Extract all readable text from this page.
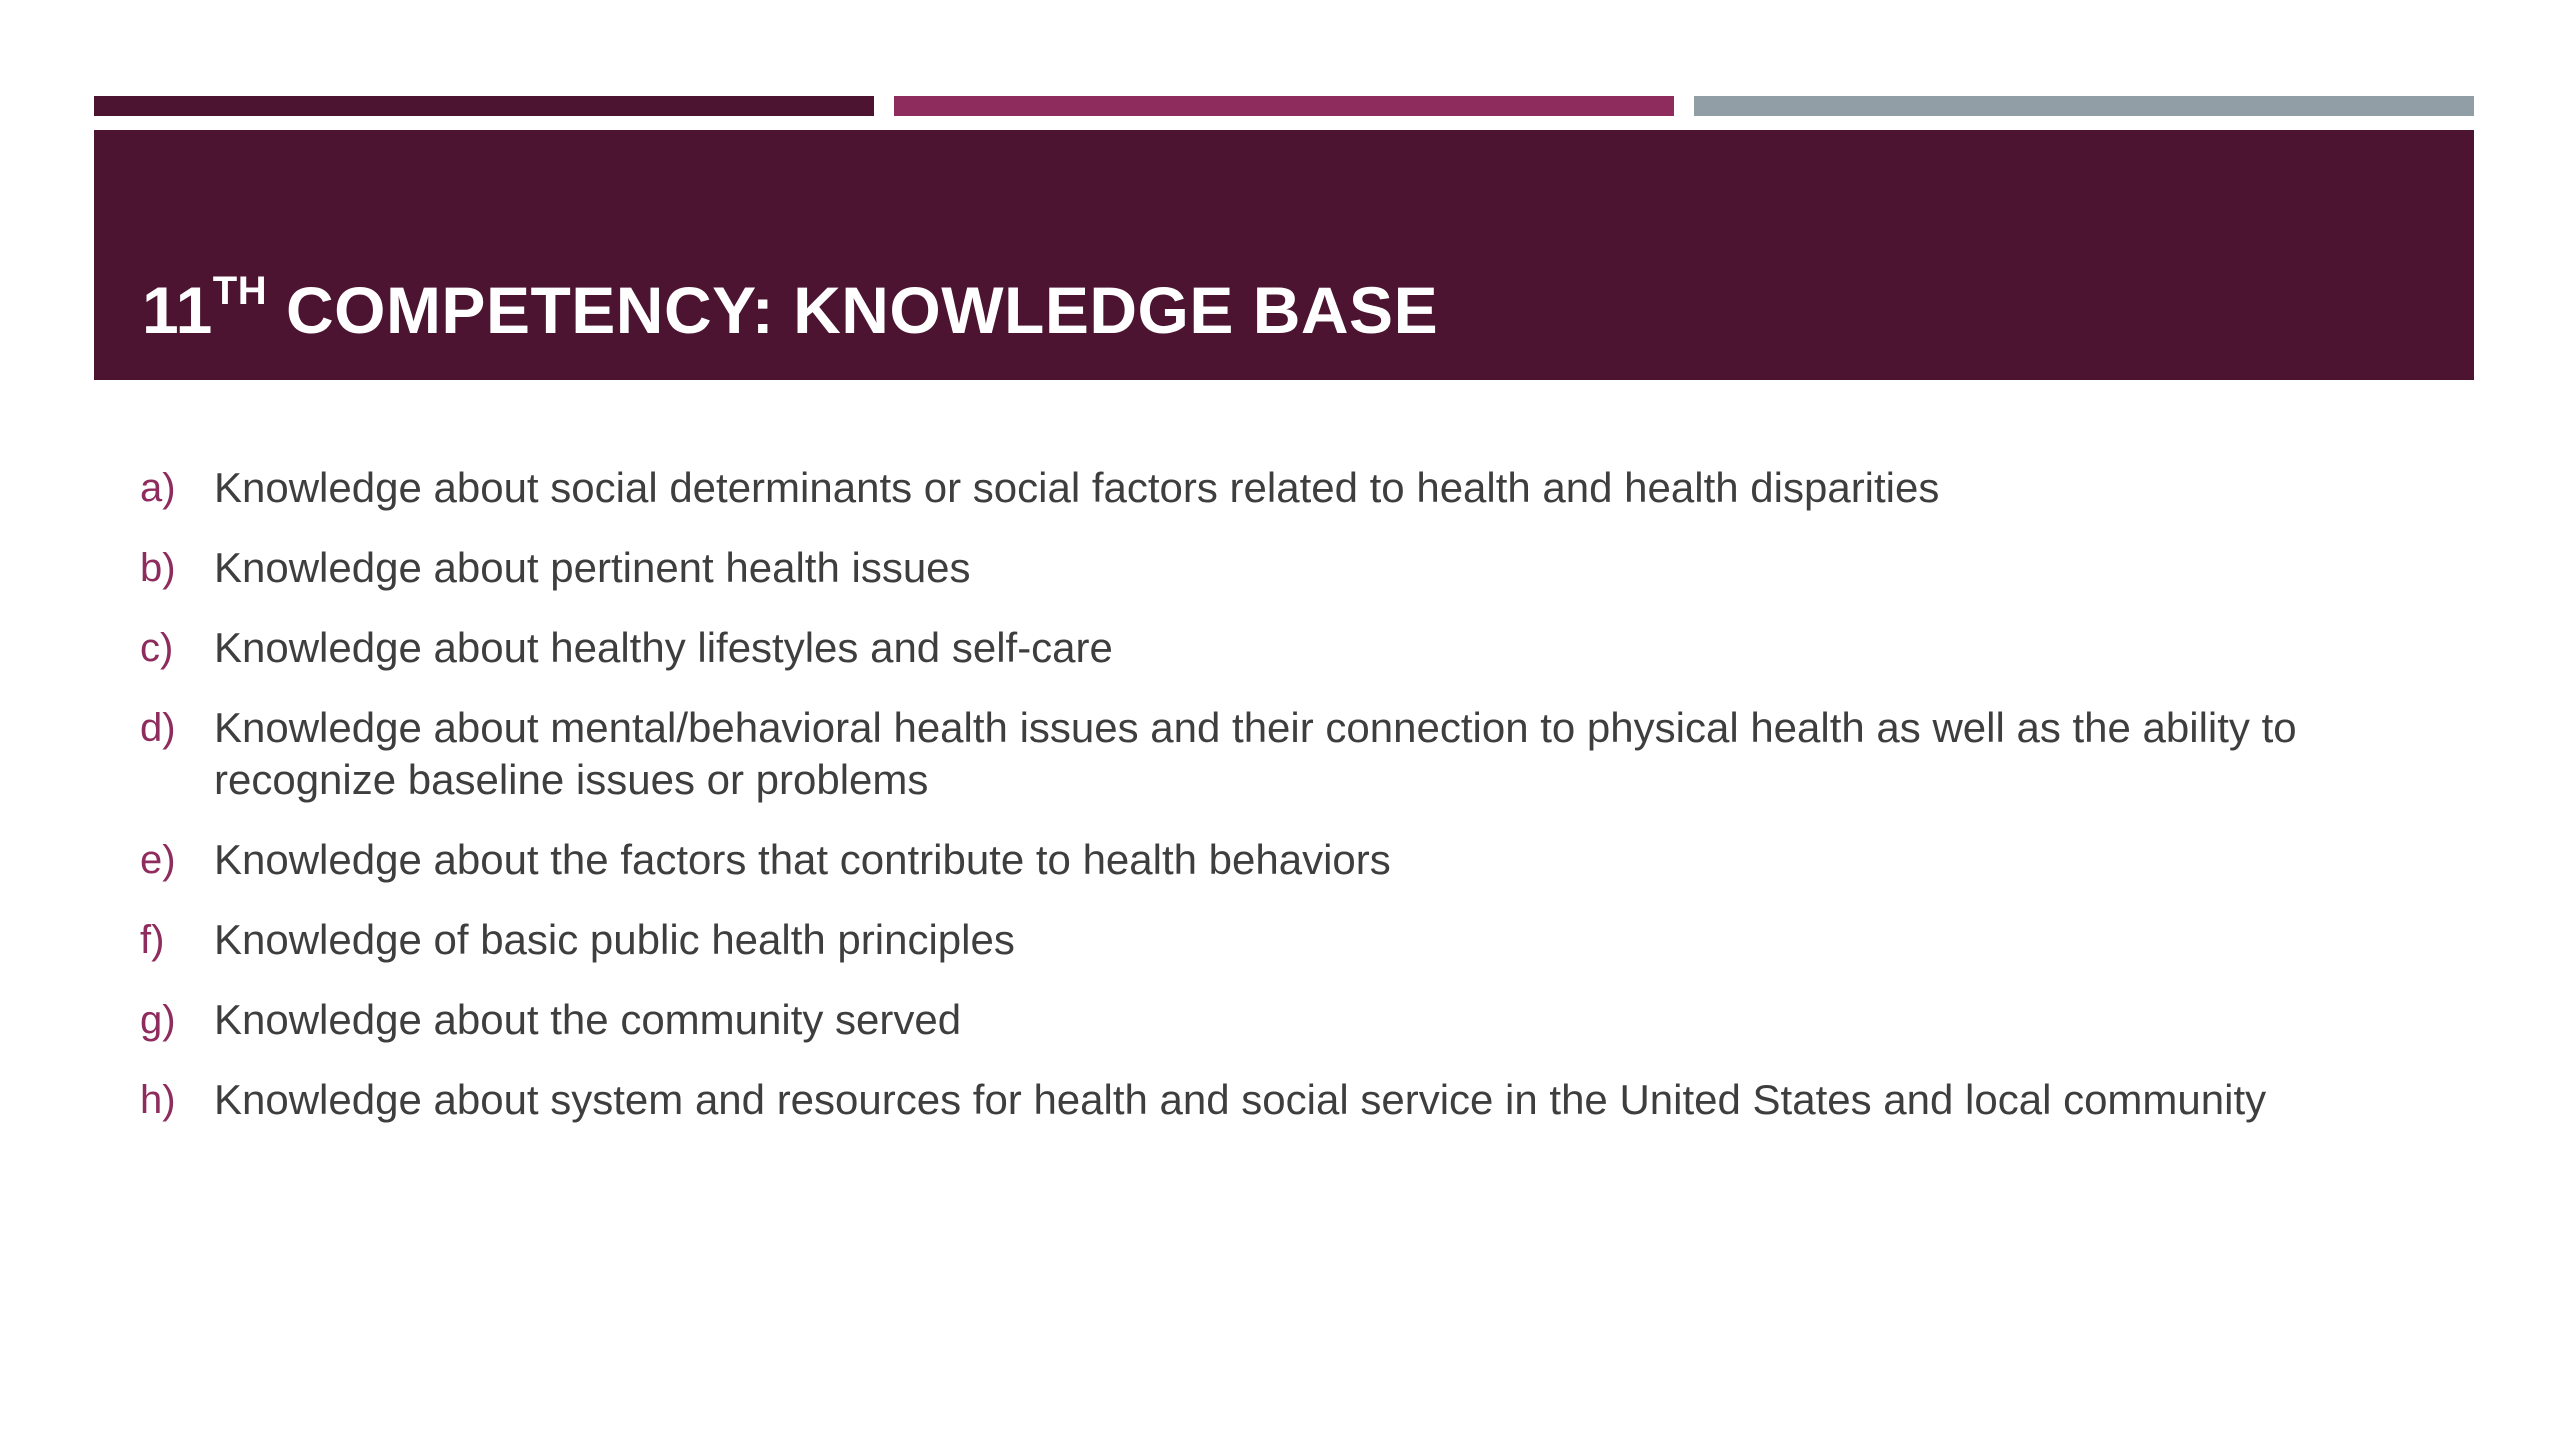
11TH COMPETENCY: KNOWLEDGE BASE
a) Knowledge about social determinants or social factors related to health and health disparities
b) Knowledge about pertinent health issues
c) Knowledge about healthy lifestyles and self-care
d) Knowledge about mental/behavioral health issues and their connection to physical health as well as the ability to recognize baseline issues or problems
e) Knowledge about the factors that contribute to health behaviors
f)	Knowledge of basic public health principles
g) Knowledge about the community served
h) Knowledge about system and resources for health and social service in the United States and local community
